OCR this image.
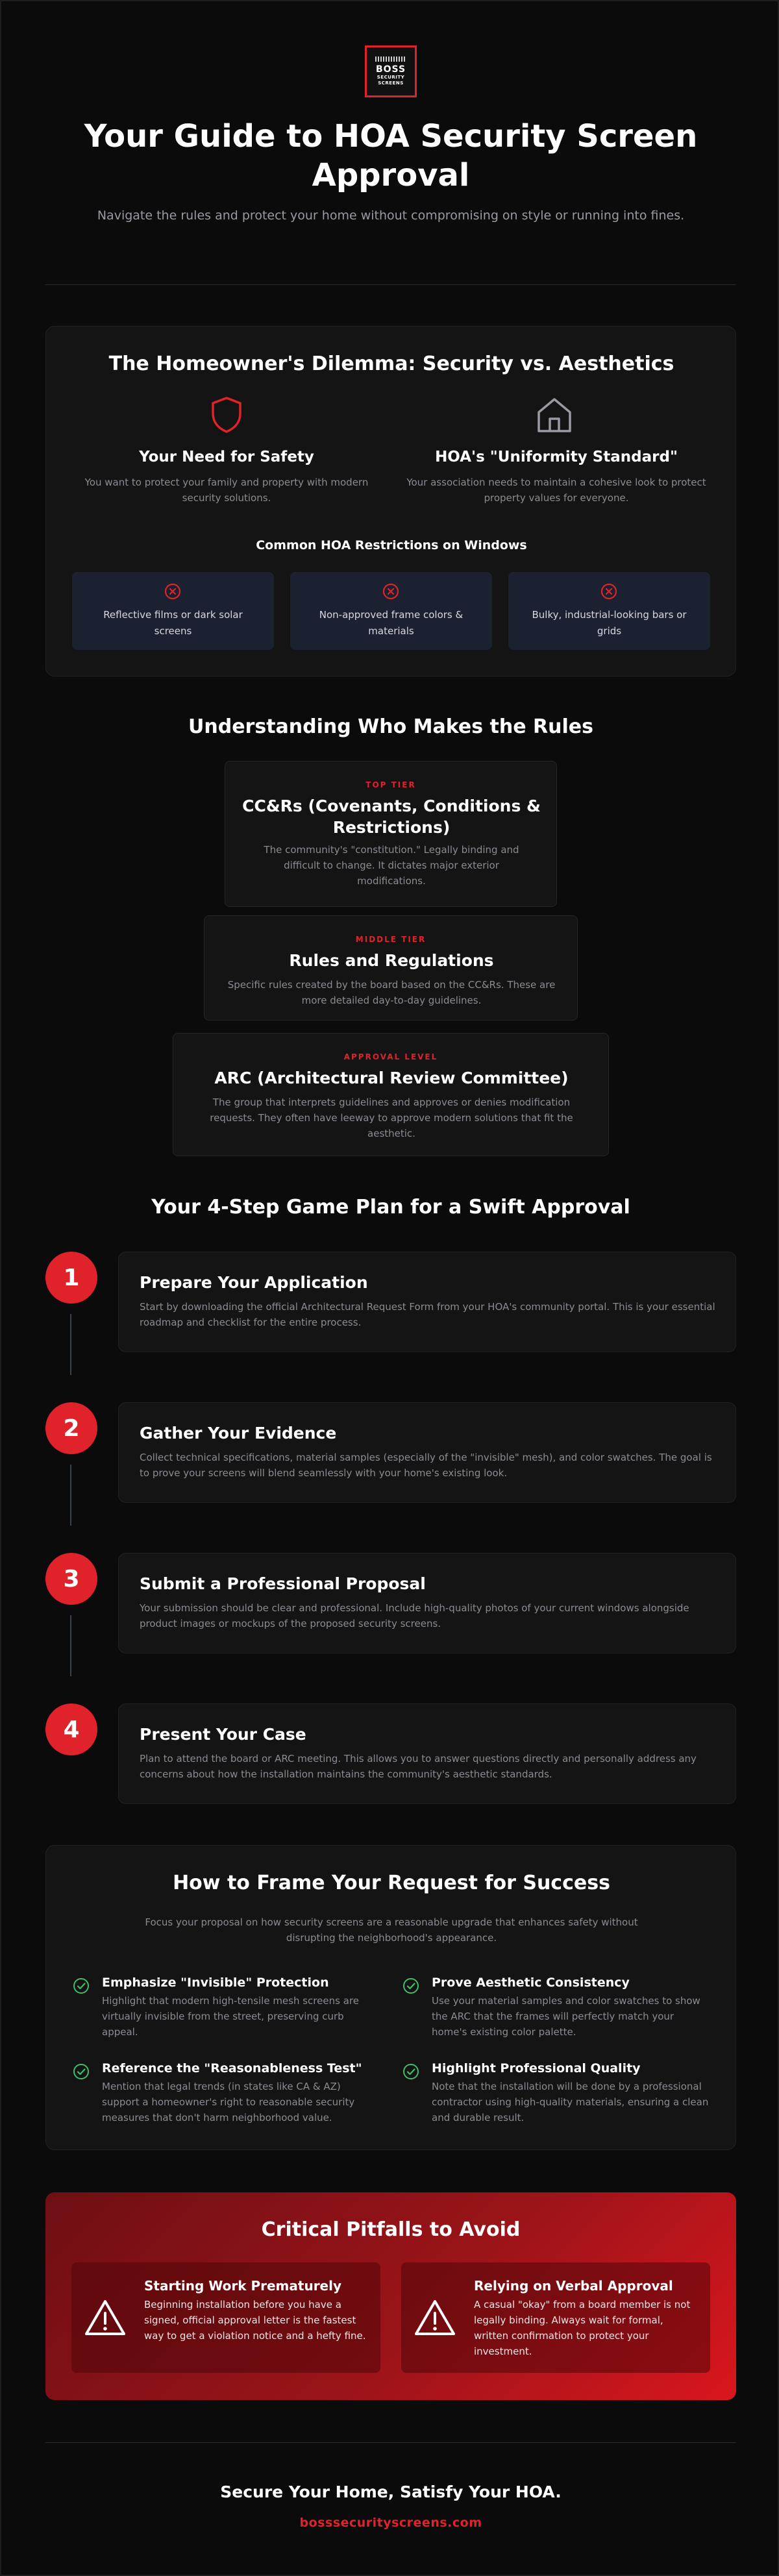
BOSS
SECURITY
SCREENS
Your Guide to HOA Security Screen Approval

Navigate the rules and protect your home without compromising on style or running into fines.

The Homeowner's Dilemma: Security vs. Aesthetics
Your Need for Safety
You want to protect your family and property with modern security solutions.
HOA's "Uniformity Standard"
Your association needs to maintain a cohesive look to protect property values for everyone.
Common HOA Restrictions on Windows
Reflective films or dark solar screens
Non-approved frame colors & materials
Bulky, industrial-looking bars or grids
Understanding Who Makes the Rules
TOP TIER
CC&Rs (Covenants, Conditions & Restrictions)
The community's "constitution." Legally binding and difficult to change. It dictates major exterior modifications.
MIDDLE TIER
Rules and Regulations
Specific rules created by the board based on the CC&Rs. These are more detailed day-to-day guidelines.
APPROVAL LEVEL
ARC (Architectural Review Committee)
The group that interprets guidelines and approves or denies modification requests. They often have leeway to approve modern solutions that fit the aesthetic.
Your 4-Step Game Plan for a Swift Approval
1	Prepare Your Application
Start by downloading the official Architectural Request Form from your HOA's community portal. This is your essential roadmap and checklist for the entire process.
2	Gather Your Evidence
Collect technical specifications, material samples (especially of the "invisible" mesh), and color swatches. The goal is to prove your screens will blend seamlessly with your home's existing look.
3	Submit a Professional Proposal
Your submission should be clear and professional. Include high-quality photos of your current windows alongside product images or mockups of the proposed security screens.
4	Present Your Case
Plan to attend the board or ARC meeting. This allows you to answer questions directly and personally address any concerns about how the installation maintains the community's aesthetic standards.
How to Frame Your Request for Success

Focus your proposal on how security screens are a reasonable upgrade that enhances safety without disrupting the neighborhood's appearance.

Emphasize "Invisible" Protection
Highlight that modern high-tensile mesh screens are virtually invisible from the street, preserving curb appeal.
Prove Aesthetic Consistency
Use your material samples and color swatches to show the ARC that the frames will perfectly match your home's existing color palette.
Reference the "Reasonableness Test"
Mention that legal trends (in states like CA & AZ) support a homeowner's right to reasonable security measures that don't harm neighborhood value.
Highlight Professional Quality
Note that the installation will be done by a professional contractor using high-quality materials, ensuring a clean and durable result.
Critical Pitfalls to Avoid
Starting Work Prematurely
Beginning installation before you have a signed, official approval letter is the fastest way to get a violation notice and a hefty fine.
Relying on Verbal Approval
A casual "okay" from a board member is not legally binding. Always wait for formal, written confirmation to protect your investment.
Secure Your Home, Satisfy Your HOA.
bosssecurityscreens.com
